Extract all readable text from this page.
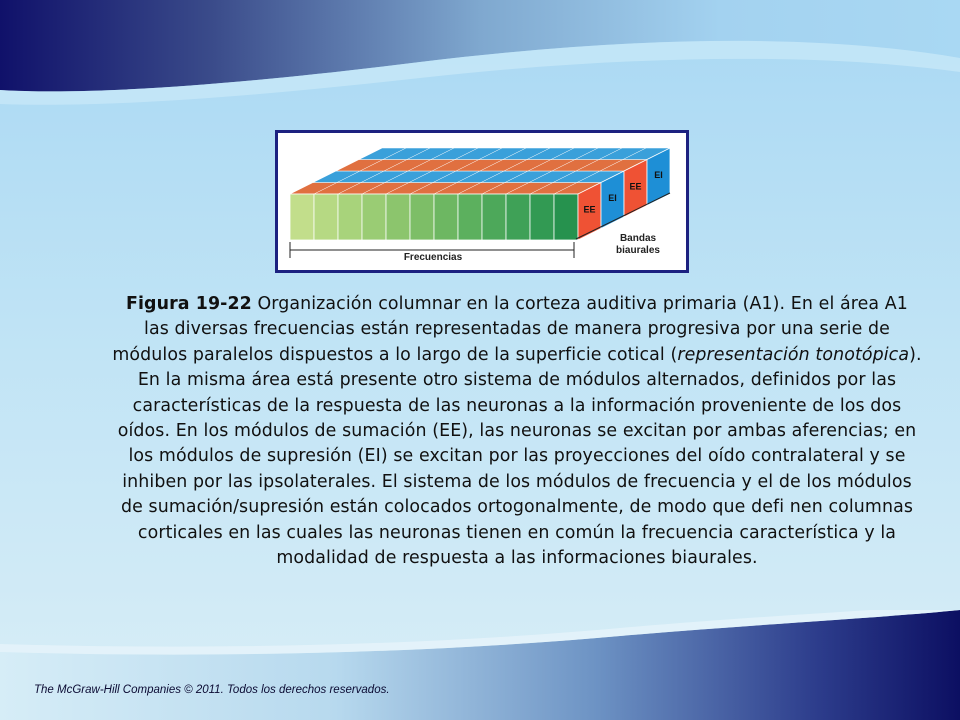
EE
EI
EE
EI
Frecuencias
Bandas
biaurales
Figura 19-22 Organización columnar en la corteza auditiva primaria (A1). En el área A1 las diversas frecuencias están representadas de manera progresiva por una serie de módulos paralelos dispuestos a lo largo de la superficie cotical (representación tonotópica). En la misma área está presente otro sistema de módulos alternados, definidos por las características de la respuesta de las neuronas a la información proveniente de los dos oídos. En los módulos de sumación (EE), las neuronas se excitan por ambas aferencias; en los módulos de supresión (EI) se excitan por las proyecciones del oído contralateral y se inhiben por las ipsolaterales. El sistema de los módulos de frecuencia y el de los módulos de sumación/supresión están colocados ortogonalmente, de modo que defi nen columnas corticales en las cuales las neuronas tienen en común la frecuencia característica y la modalidad de respuesta a las informaciones biaurales.
The McGraw-Hill Companies © 2011. Todos los derechos reservados.
